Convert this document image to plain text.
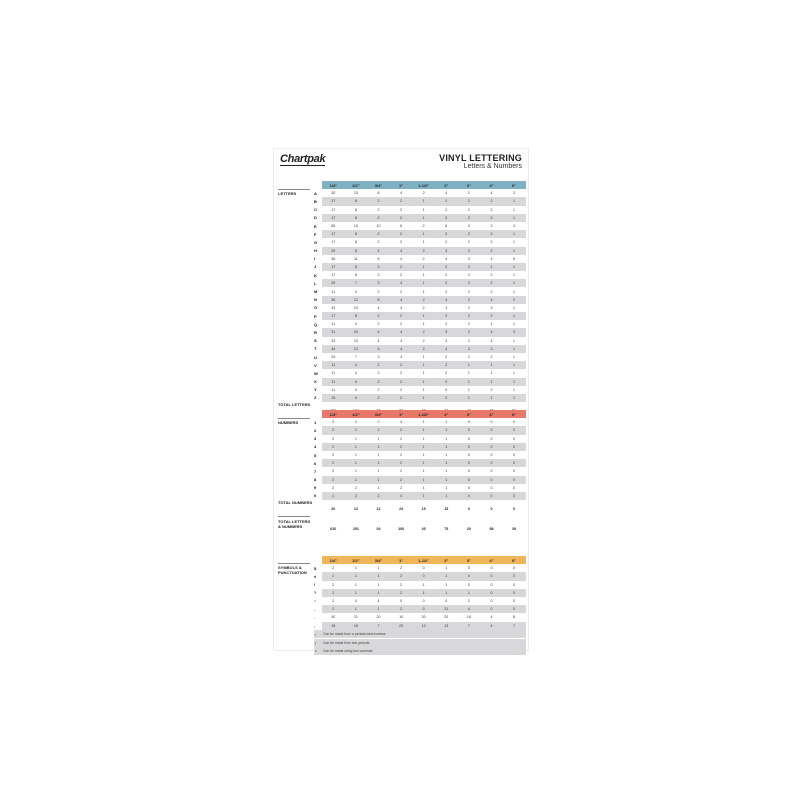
Chartpak	VINYL LETTERING
Letters & Numbers
LETTERS
1/4"	1/2"	3/4"	1"	1-1/2"	2"	3"	4"	6"
A	30	15	8	4	2	4	2	4	3
B	17	8	2	2	1	2	2	2	1
C	17	8	2	2	1	2	2	2	1
D	17	8	2	2	1	2	2	2	1
E	85	15	10	6	2	6	3	3	3
F	17	8	2	2	1	2	2	2	1
G	17	8	2	2	1	2	2	2	1
H	25	8	4	4	2	3	2	2	1
I	36	11	8	4	2	4	3	4	6
J	17	8	2	2	1	2	2	1	1
K	17	8	2	2	1	2	2	2	1
L	25	7	3	4	1	2	2	2	1
M	11	4	2	2	1	2	2	2	1
N	36	12	8	4	2	4	2	4	2
O	33	10	4	4	2	3	2	3	1
P	17	8	2	2	1	2	2	2	1
Q	11	4	2	2	1	2	2	1	1
R	31	10	4	4	2	3	2	4	3
S	33	10	4	4	2	3	2	4	1
T	44	13	6	4	2	4	3	3	1
U	25	7	3	4	1	2	2	2	1
V	11	4	2	2	1	2	1	1	1
W	11	4	2	2	1	2	1	1	1
X	11	4	2	2	1	0	1	1	1
Y	11	4	2	2	1	0	1	2	1
Z	15	4	2	2	1	2	1	1	1
TOTAL LETTERS
NUMBERS
1/4"	1/2"	3/4"	1"	1-1/2"	2"	3"	4"	6"
1	2	2	2	4	1	1	0	0	0
2	2	1	1	2	1	1	0	0	0
3	2	1	1	2	1	1	0	0	0
4	2	1	1	2	1	1	0	0	0
5	2	1	1	2	1	1	0	0	0
6	2	1	1	2	1	1	0	0	0
7	2	1	1	2	1	1	0	0	0
8	2	1	1	2	1	1	0	0	0
9	2	2	1	2	1	1	0	0	0
0	2	2	2	4	1	1	0	0	0
TOTAL NUMBERS
20	13	12	24	15	15	0	0	0
TOTAL LETTERS & NUMBERS	620	251	04	100	45	75	20	58	39
SYMBOLS & PUNCTUATION
1/4"	1/2"	3/4"	1"	1-1/2"	2"	3"	4"	6"
$	2	1	1	2	0	1	0	0	0
¢	2	1	1	2	0	1	0	0	0
!	2	1	1	2	1	1	0	0	0
?	2	1	1	2	1	1	1	0	0
"	2	4	4	0	0	0	2	0	0
-	2	1	1	2	0	21	4	0	0
.	40	21	20	10	20	20	15	4	8
,	15	15	7	22	12	13	7	4	7
:	Can be made from a period/colon/comma
;	Can be made from two periods
"	Can be made using two commas
